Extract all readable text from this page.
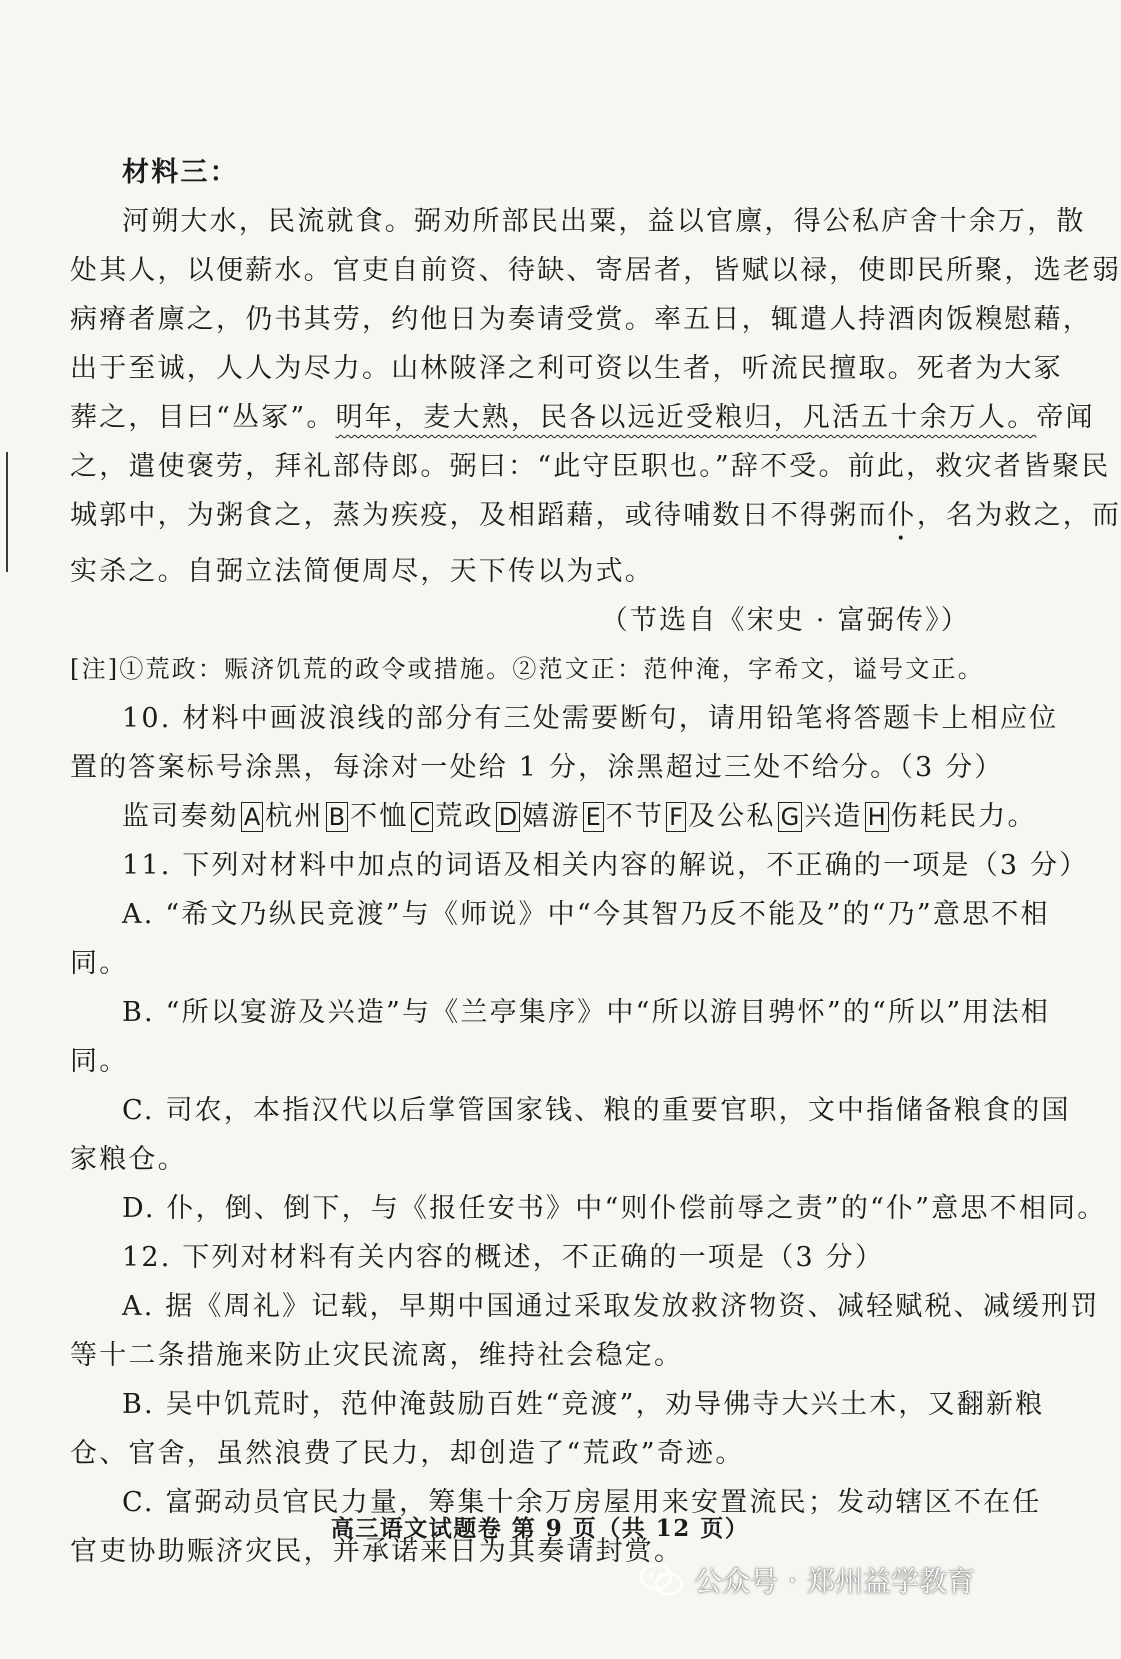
材料三：
河朔大水，民流就食。弼劝所部民出粟，益以官廪，得公私庐舍十余万，散
处其人，以便薪水。官吏自前资、待缺、寄居者，皆赋以禄，使即民所聚，选老弱
病瘠者廪之，仍书其劳，约他日为奏请受赏。率五日，辄遣人持酒肉饭糗慰藉，
出于至诚，人人为尽力。山林陂泽之利可资以生者，听流民擅取。死者为大冢
葬之，目曰“丛冢”。明年，麦大熟，民各以远近受粮归，凡活五十余万人。帝闻
之，遣使褒劳，拜礼部侍郎。弼曰：“此守臣职也。”辞不受。前此，救灾者皆聚民
城郭中，为粥食之，蒸为疾疫，及相蹈藉，或待哺数日不得粥而仆，名为救之，而
实杀之。自弼立法简便周尽，天下传以为式。
（节选自《宋史 · 富弼传》）
[注]①荒政：赈济饥荒的政令或措施。②范文正：范仲淹，字希文，谥号文正。
10. 材料中画波浪线的部分有三处需要断句，请用铅笔将答题卡上相应位
置的答案标号涂黑，每涂对一处给 1 分，涂黑超过三处不给分。（3 分）
监司奏劾 A 杭州 B 不恤 C 荒政 D 嬉游 E 不节 F 及公私 G 兴造 H 伤耗民力。
11. 下列对材料中加点的词语及相关内容的解说，不正确的一项是（3 分）
A. “希文乃纵民竞渡”与《师说》中“今其智乃反不能及”的“乃”意思不相
同。
B. “所以宴游及兴造”与《兰亭集序》中“所以游目骋怀”的“所以”用法相
同。
C. 司农，本指汉代以后掌管国家钱、粮的重要官职，文中指储备粮食的国
家粮仓。
D. 仆，倒、倒下，与《报任安书》中“则仆偿前辱之责”的“仆”意思不相同。
12. 下列对材料有关内容的概述，不正确的一项是（3 分）
A. 据《周礼》记载，早期中国通过采取发放救济物资、减轻赋税、减缓刑罚
等十二条措施来防止灾民流离，维持社会稳定。
B. 吴中饥荒时，范仲淹鼓励百姓“竞渡”，劝导佛寺大兴土木，又翻新粮
仓、官舍，虽然浪费了民力，却创造了“荒政”奇迹。
C. 富弼动员官民力量，筹集十余万房屋用来安置流民；发动辖区不在任
官吏协助赈济灾民，并承诺来日为其奏请封赏。
高三语文试题卷 第 9 页（共 12 页）
公众号 · 郑州益学教育
